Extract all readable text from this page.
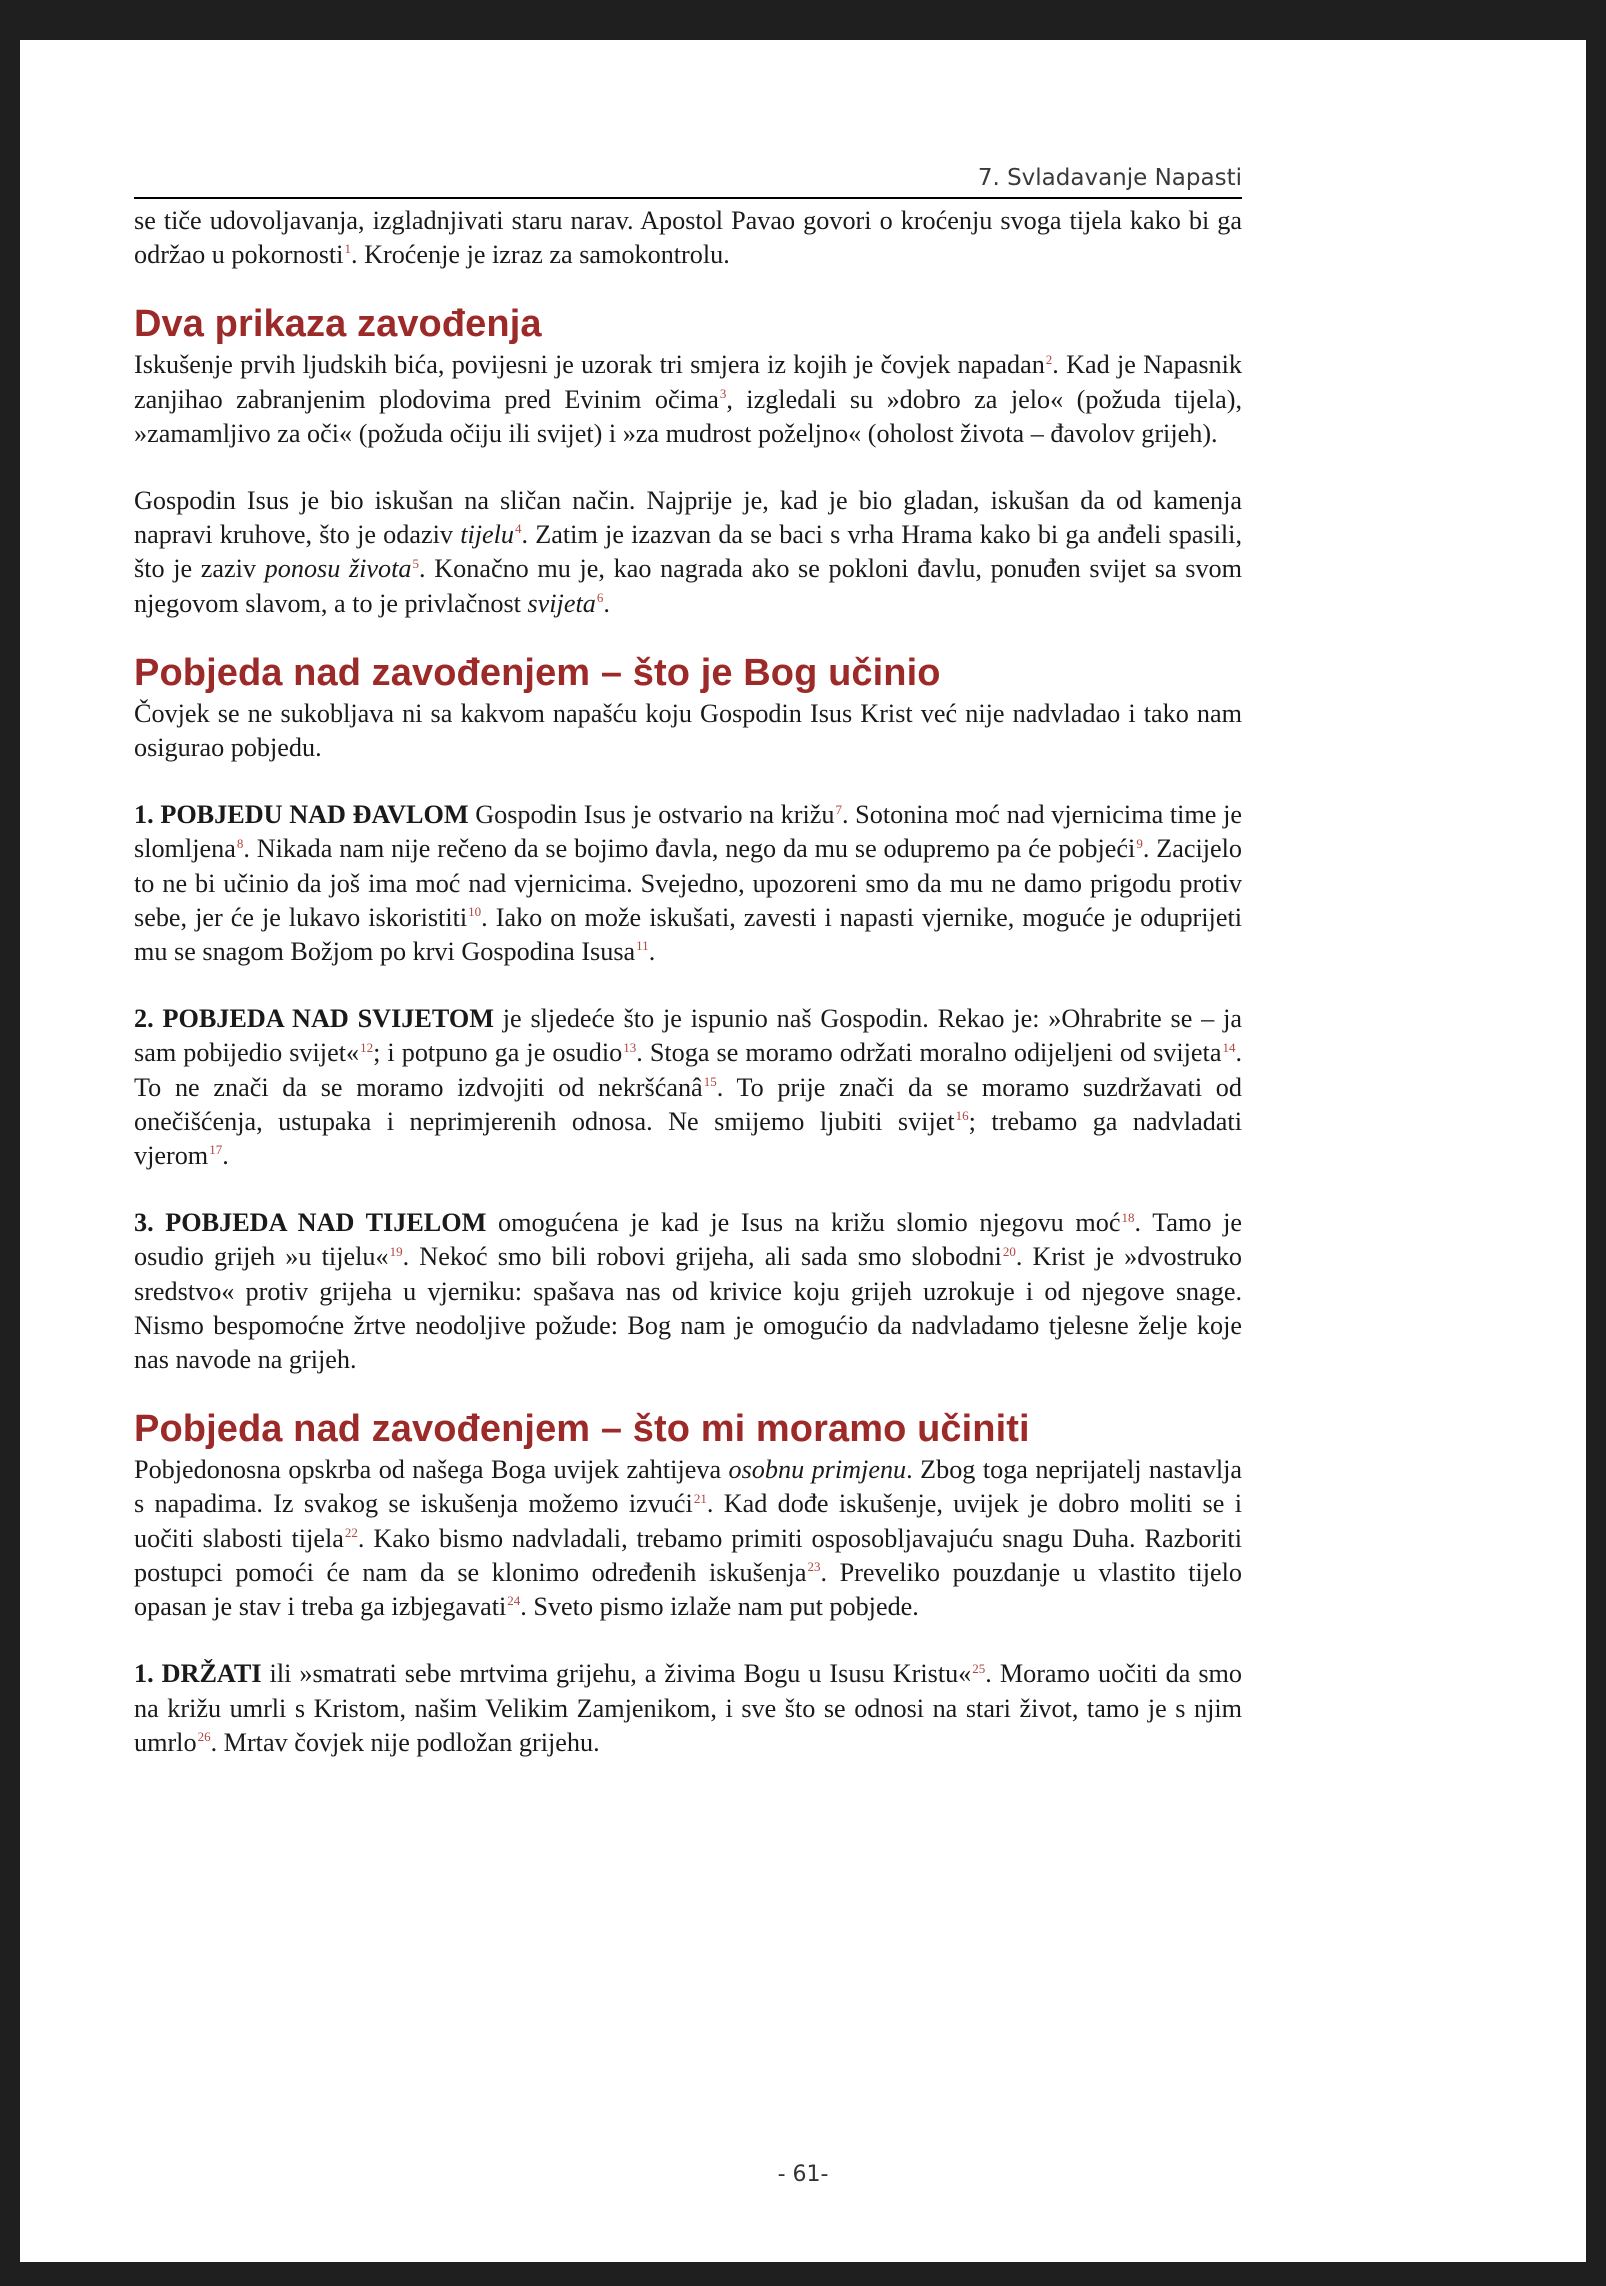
7. Svladavanje Napasti

se tiče udovoljavanja, izgladnjivati staru narav. Apostol Pavao govori o kroćenju svoga tijela kako bi ga održao u pokornosti$^1$. Kroćenje je izraz za samokontrolu.

Dva prikaza zavođenja

Iskušenje prvih ljudskih bića, povijesni je uzorak tri smjera iz kojih je čovjek napadan$^2$. Kad je Napasnik zanjihao zabranjenim plodovima pred Evinim očima$^3$, izgledali su »dobro za jelo« (požuda tijela), »zamamljivo za oči« (požuda očiju ili svijet) i »za mudrost poželjno« (oholost života – đavolov grijeh).

Gospodin Isus je bio iskušan na sličan način. Najprije je, kad je bio gladan, iskušan da od kamenja napravi kruhove, što je odaziv tijelu$^4$. Zatim je izazvan da se baci s vrha Hrama kako bi ga anđeli spasili, što je zaziv ponosu života$^5$. Konačno mu je, kao nagrada ako se pokloni đavlu, ponuđen svijet sa svom njegovom slavom, a to je privlačnost svijeta$^6$.

Pobjeda nad zavođenjem – što je Bog učinio

Čovjek se ne sukobljava ni sa kakvom napašću koju Gospodin Isus Krist već nije nadvladao i tako nam osigurao pobjedu.

1. POBJEDU NAD ĐAVLOM Gospodin Isus je ostvario na križu$^7$. Sotonina moć nad vjernicima time je slomljena$^8$. Nikada nam nije rečeno da se bojimo đavla, nego da mu se odupremo pa će pobjeći$^9$. Zacijelo to ne bi učinio da još ima moć nad vjernicima. Svejedno, upozoreni smo da mu ne damo prigodu protiv sebe, jer će je lukavo iskoristiti$^{10}$. Iako on može iskušati, zavesti i napasti vjernike, moguće je oduprijeti mu se snagom Božjom po krvi Gospodina Isusa$^{11}$.

2. POBJEDA NAD SVIJETOM je sljedeće što je ispunio naš Gospodin. Rekao je: »Ohrabrite se – ja sam pobijedio svijet«$^{12}$; i potpuno ga je osudio$^{13}$. Stoga se moramo održati moralno odijeljeni od svijeta$^{14}$. To ne znači da se moramo izdvojiti od nekršćanâ$^{15}$. To prije znači da se moramo suzdržavati od onečišćenja, ustupaka i neprimjerenih odnosa. Ne smijemo ljubiti svijet$^{16}$; trebamo ga nadvladati vjerom$^{17}$.

3. POBJEDA NAD TIJELOM omogućena je kad je Isus na križu slomio njegovu moć$^{18}$. Tamo je osudio grijeh »u tijelu«$^{19}$. Nekoć smo bili robovi grijeha, ali sada smo slobodni$^{20}$. Krist je »dvostruko sredstvo« protiv grijeha u vjerniku: spašava nas od krivice koju grijeh uzrokuje i od njegove snage. Nismo bespomoćne žrtve neodoljive požude: Bog nam je omogućio da nadvladamo tjelesne želje koje nas navode na grijeh.

Pobjeda nad zavođenjem – što mi moramo učiniti

Pobjedonosna opskrba od našega Boga uvijek zahtijeva osobnu primjenu. Zbog toga neprijatelj nastavlja s napadima. Iz svakog se iskušenja možemo izvući$^{21}$. Kad dođe iskušenje, uvijek je dobro moliti se i uočiti slabosti tijela$^{22}$. Kako bismo nadvladali, trebamo primiti osposobljavajuću snagu Duha. Razboriti postupci pomoći će nam da se klonimo određenih iskušenja$^{23}$. Preveliko pouzdanje u vlastito tijelo opasan je stav i treba ga izbjegavati$^{24}$. Sveto pismo izlaže nam put pobjede.

1. DRŽATI ili »smatrati sebe mrtvima grijehu, a živima Bogu u Isusu Kristu«$^{25}$. Moramo uočiti da smo na križu umrli s Kristom, našim Velikim Zamjenikom, i sve što se odnosi na stari život, tamo je s njim umrlo$^{26}$. Mrtav čovjek nije podložan grijehu.

- 61-
